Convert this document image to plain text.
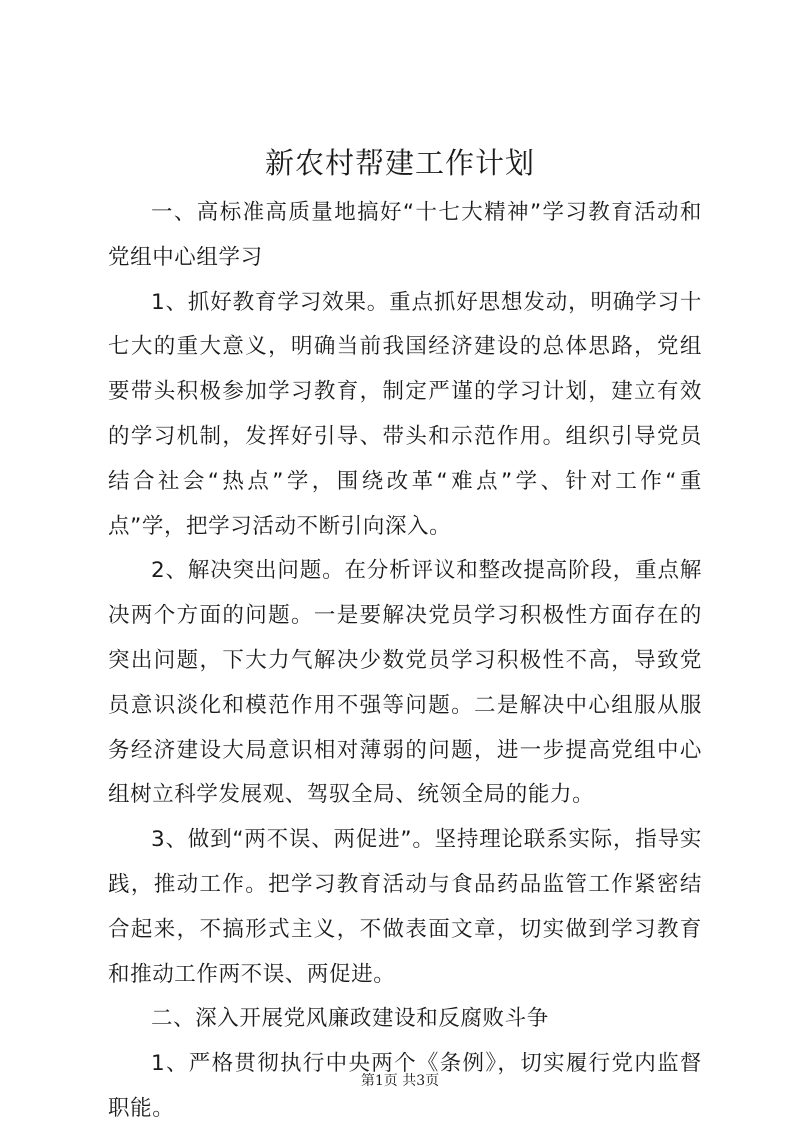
新农村帮建工作计划

一、高标准高质量地搞好“十七大精神”学习教育活动和党组中心组学习

1、抓好教育学习效果。重点抓好思想发动，明确学习十七大的重大意义，明确当前我国经济建设的总体思路，党组要带头积极参加学习教育，制定严谨的学习计划，建立有效的学习机制，发挥好引导、带头和示范作用。组织引导党员结合社会“热点”学，围绕改革“难点”学、针对工作“重点”学，把学习活动不断引向深入。

2、解决突出问题。在分析评议和整改提高阶段，重点解决两个方面的问题。一是要解决党员学习积极性方面存在的突出问题，下大力气解决少数党员学习积极性不高，导致党员意识淡化和模范作用不强等问题。二是解决中心组服从服务经济建设大局意识相对薄弱的问题，进一步提高党组中心组树立科学发展观、驾驭全局、统领全局的能力。

3、做到“两不误、两促进”。坚持理论联系实际，指导实践，推动工作。把学习教育活动与食品药品监管工作紧密结合起来，不搞形式主义，不做表面文章，切实做到学习教育和推动工作两不误、两促进。

二、深入开展党风廉政建设和反腐败斗争

1、严格贯彻执行中央两个《条例》，切实履行党内监督职能。

第1页 共3页
